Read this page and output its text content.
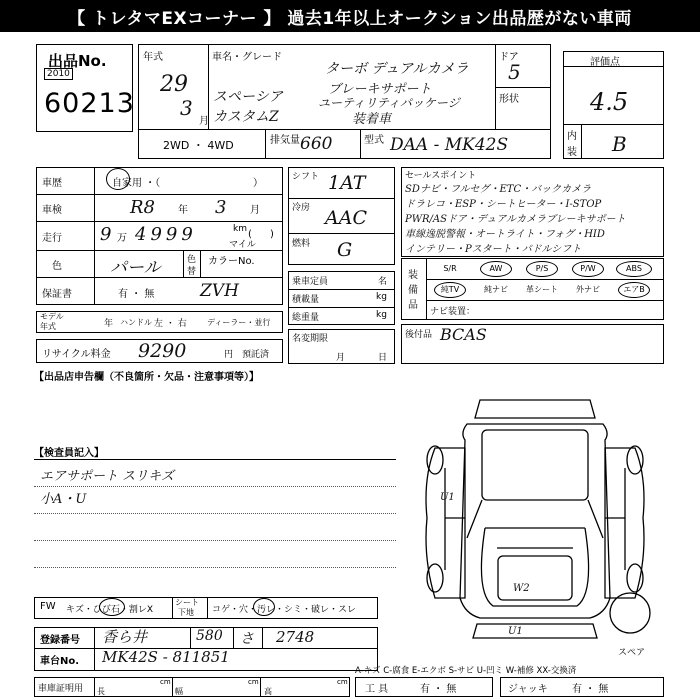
【 トレタマEXコーナー 】 過去1年以上オークション出品歴がない車両
出品No.
2010
60213
年式
29
3
月
車名・グレード
スペーシア
カスタムZ
ターボ デュアルカメラ
ブレーキサポート
ユーティリティパッケージ
装着車
ドア
5
形状
2WD ・ 4WD	排気量 660	型式 DAA - MK42S
評価点
4.5
内
装 B
車歴	自家用 ・（	）
車検	R8 年 3 月
走行 9 万 4999	km
マイル
( )
色	パール	色
替
カラーNo.
保証書	有 ・ 無	ZVH
モデル
年式	年 ハンドル 左 ・ 右	ディーラー・並行
リサイクル料金 9290	円 預託済
シフト 1AT
冷房 AAC
燃料 G
乗車定員	名
積載量	kg
総重量	kg
名変期限
月	日
セールスポイント
SDナビ・フルセグ・ETC・バックカメラ
ドラレコ・ESP・シートヒーター・I-STOP
PWR/ASドア・デュアルカメラブレーキサポート
車線逸脱警報・オートライト・フォグ・HID
インテリー・Pスタート・パドルシフト
装
備
品
S/R	AW	P/S	P/W	ABS
純TV	純ナビ	革シート	外ナビ	エアB
ナビ装置：
後付品 BCAS
【出品店申告欄（不良箇所・欠品・注意事項等）】
【検査員記入】
エアサポート スリキズ
小A・U	U1
W2
U1
スペア
FW キズ・ひび石・割レX
シート
下地 コゲ・穴・汚レ・シミ・破レ・スレ
登録番号 香ら井	580 さ 2748
車台No. MK42S - 811851
A-キズ C-腐食 E-エクボ S-サビ U-凹ミ W-補修 XX-交換済
車庫証明用 長
cm
幅
cm
高
cm
工 具	有 ・ 無	ジャッキ 有 ・ 無
